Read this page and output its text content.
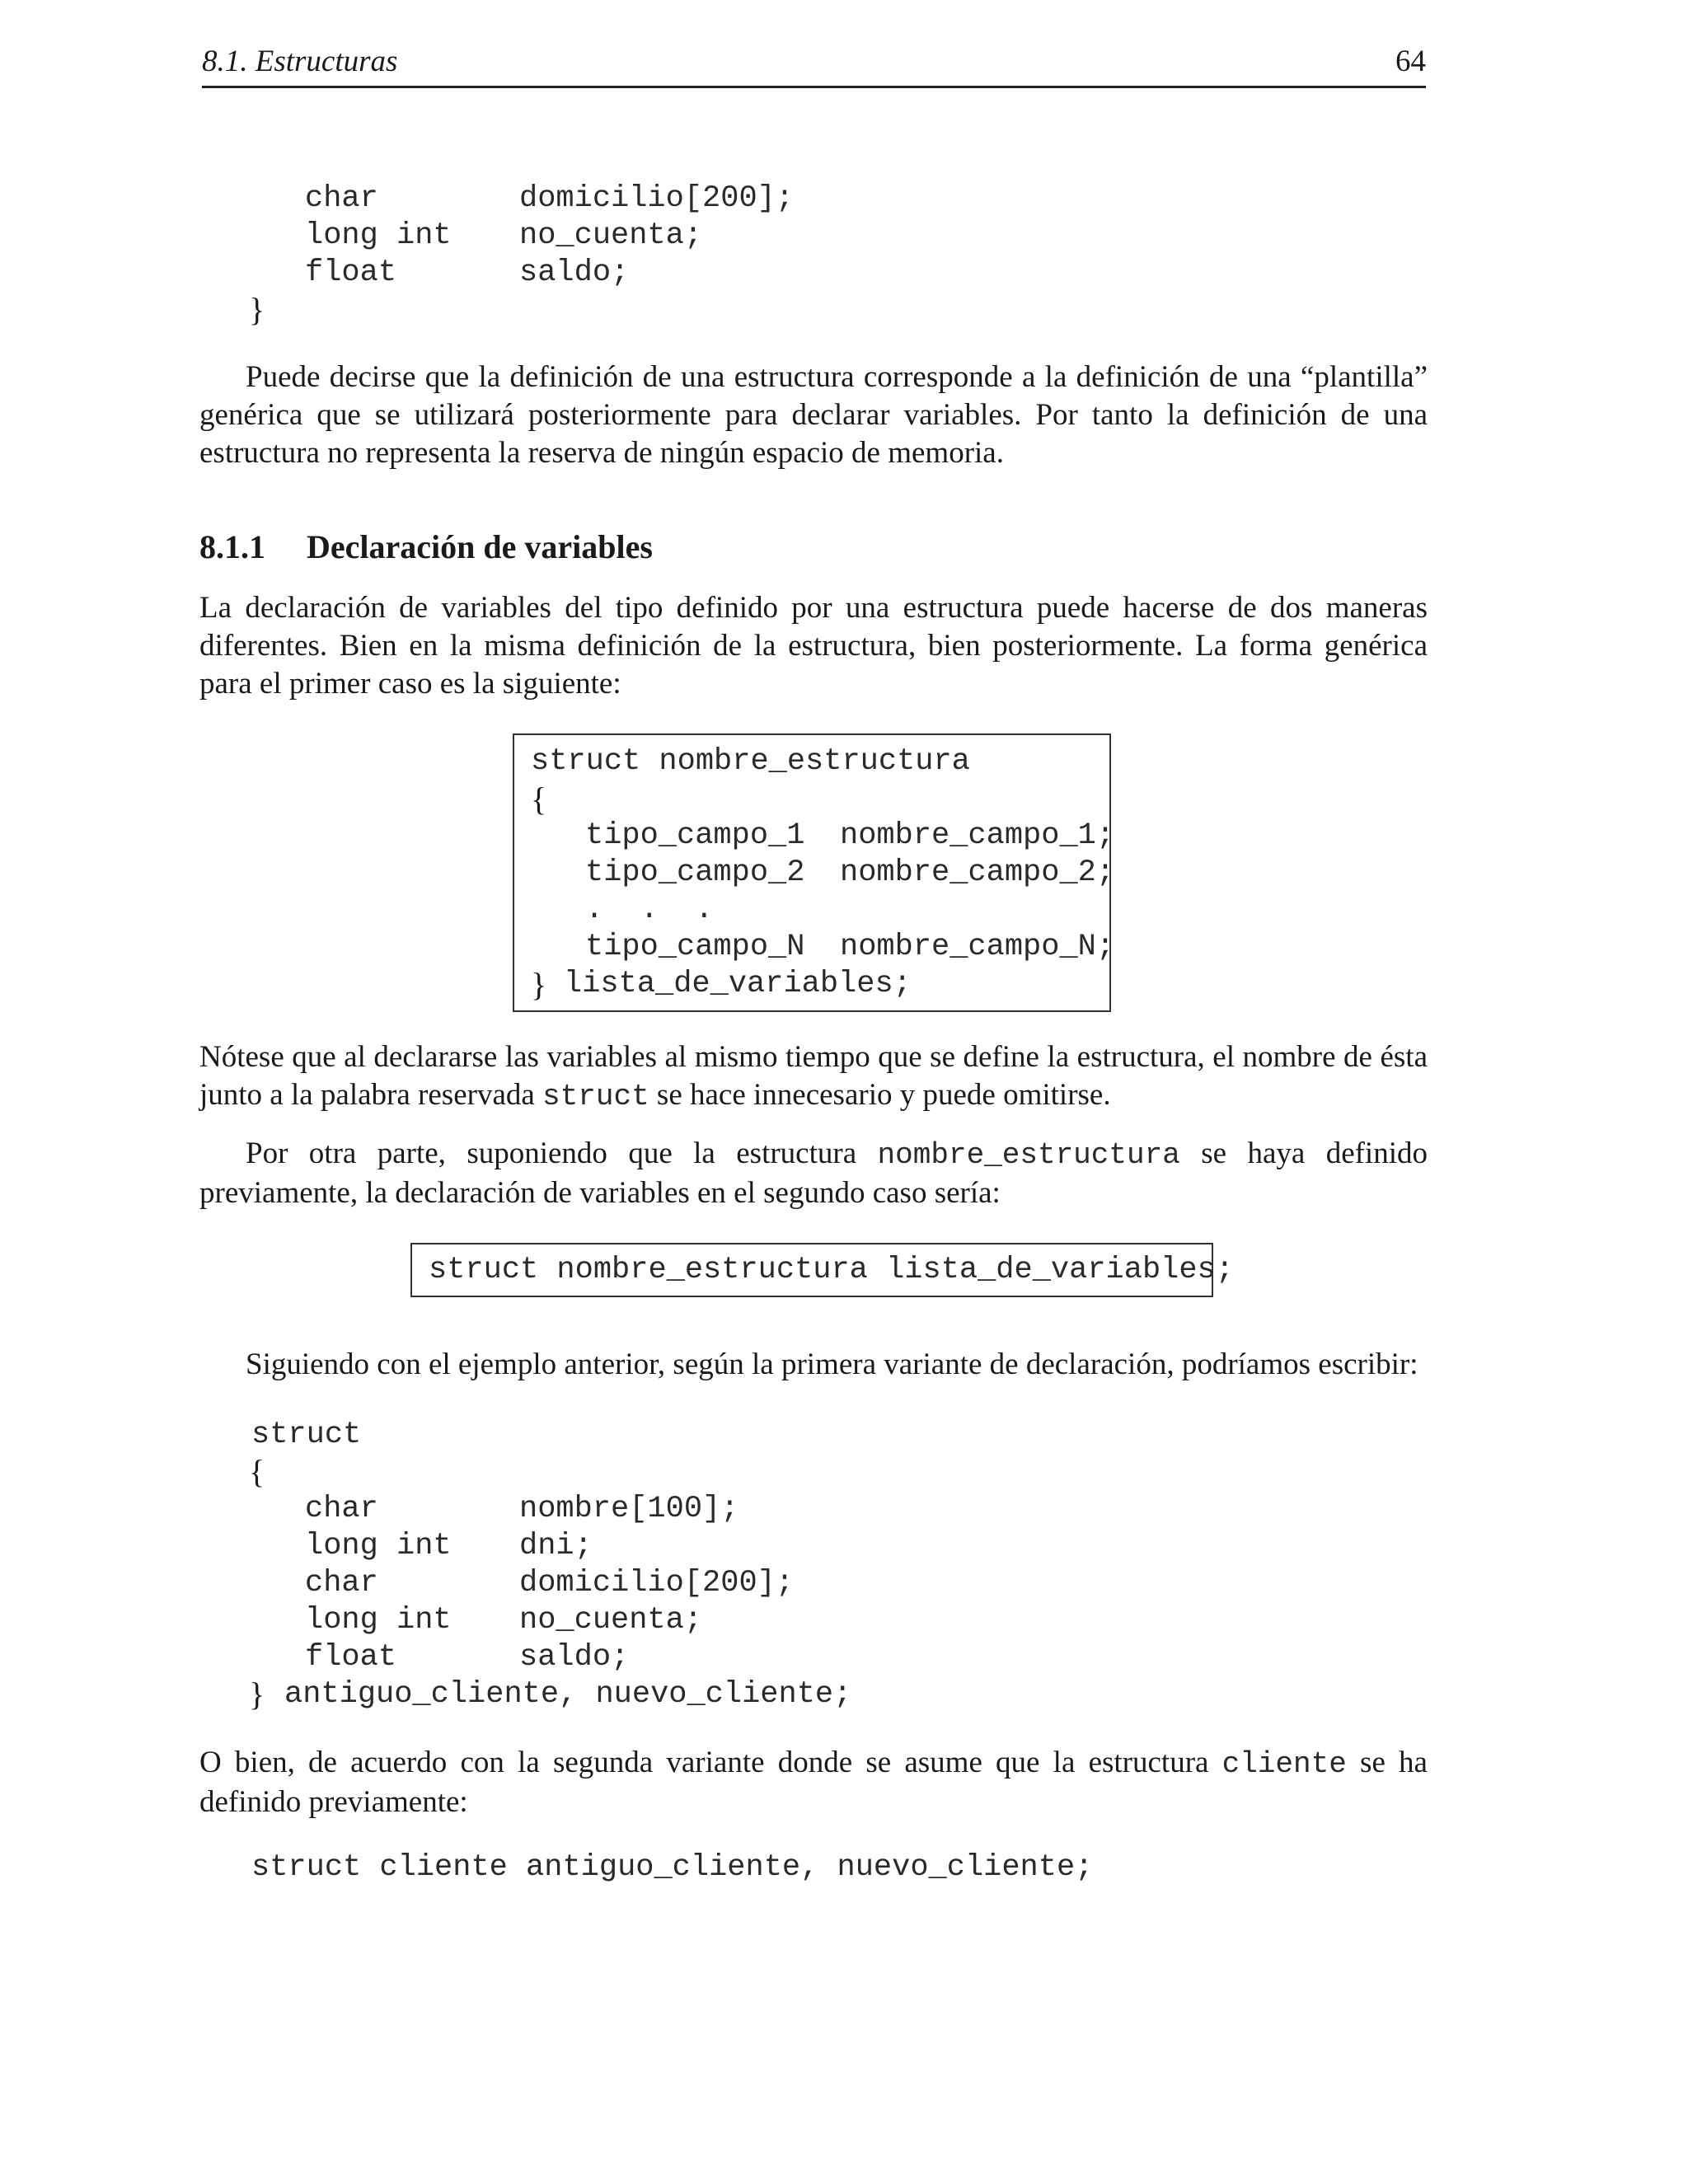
8.1. Estructuras	64
char	domicilio[200];
long int no_cuenta;
float	saldo;
}

Puede decirse que la definición de una estructura corresponde a la definición de una “plantilla” genérica que se utilizará posteriormente para declarar variables. Por tanto la definición de una estructura no representa la reserva de ningún espacio de memoria.

8.1.1 Declaración de variables

La declaración de variables del tipo definido por una estructura puede hacerse de dos maneras diferentes. Bien en la misma definición de la estructura, bien posteriormente. La forma genérica para el primer caso es la siguiente:

struct nombre_estructura
{
tipo_campo_1 nombre_campo_1;
tipo_campo_2 nombre_campo_2;
.  .  .
tipo_campo_N nombre_campo_N;
} lista_de_variables;

Nótese que al declararse las variables al mismo tiempo que se define la estructura, el nombre de ésta junto a la palabra reservada struct se hace innecesario y puede omitirse.

Por otra parte, suponiendo que la estructura nombre_estructura se haya definido previamente, la declaración de variables en el segundo caso sería:

struct nombre_estructura lista_de_variables;

Siguiendo con el ejemplo anterior, según la primera variante de declaración, podríamos escribir:

struct
{
char	nombre[100];
long int dni;
char	domicilio[200];
long int no_cuenta;
float	saldo;
} antiguo_cliente, nuevo_cliente;

O bien, de acuerdo con la segunda variante donde se asume que la estructura cliente se ha definido previamente:

struct cliente antiguo_cliente, nuevo_cliente;
